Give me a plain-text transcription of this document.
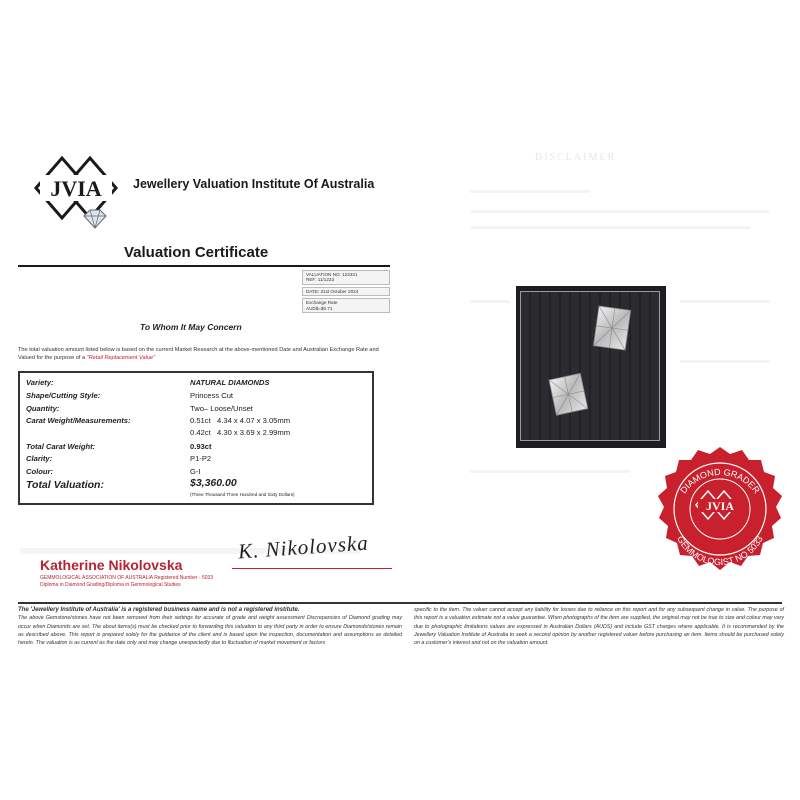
DISCLAIMER
JVIA	Jewellery Valuation Institute Of Australia
Valuation Certificate
VALUATION NO: 123331
REF: 11/1233
DATE: 31st October 2024
Exchange Rate
AUD$=$0.71
To Whom It May Concern
The total valuation amount listed below is based on the current Market Research at the above-mentioned Date and Australian Exchange Rate and Valued for the purpose of a "Retail Replacement Value"
Variety:	NATURAL DIAMONDS
Shape/Cutting Style:	Princess Cut
Quantity:	Two– Loose/Unset
Carat Weight/Measurements:	0.51ct   4.34 x 4.07 x 3.05mm
0.42ct   4.30 x 3.69 x 2.99mm
Total Carat Weight:	0.93ct
Clarity:	P1-P2
Colour:	G-I
Total Valuation:	$3,360.00
(Three Thousand Three Hundred and Sixty Dollars)
Katherine Nikolovska
K. Nikolovska
GEMMOLOGICAL ASSOCIATION OF AUSTRALIA Registered Number - 5033
Diploma in Diamond Grading/Diploma in Gemmological Studies
DIAMOND GRADER
GEMMOLOGIST NO 5033
JVIA
The 'Jewellery Institute of Australia' is a registered business name and is not a registered institute.
The above Gemstone/stones have not been removed from their settings for accurate of grade and weight assessment Discrepancies of Diamond grading may occur when Diamonds are set. The about items(s) must be checked prior to forwarding this valuation to any third party in order to ensure Diamonds/stones remain as described above. This report is prepared solely for the guidance of the client and is based upon the inspection, documentation and assumptions as detailed herein. The valuation is as current as the date only and may change unexpectedly due to fluctuation of market movement or factors
specific to the item. The valuer cannot accept any liability for losses due to reliance on this report and for any subsequent change in value. The purpose of this report is a valuation estimate not a value guarantee. When photographs of the item are supplied, the original may not be true to size and colour may vary due to photographic limitations values are expressed in Australian Dollars (AUDS) and include GST charges where applicable. It is recommended by the Jewellery Valuation Institute of Australia to seek a second opinion by another registered valuer before purchasing an item. Items should be purchased solely on a customer's interest and not on the valuation amount.
